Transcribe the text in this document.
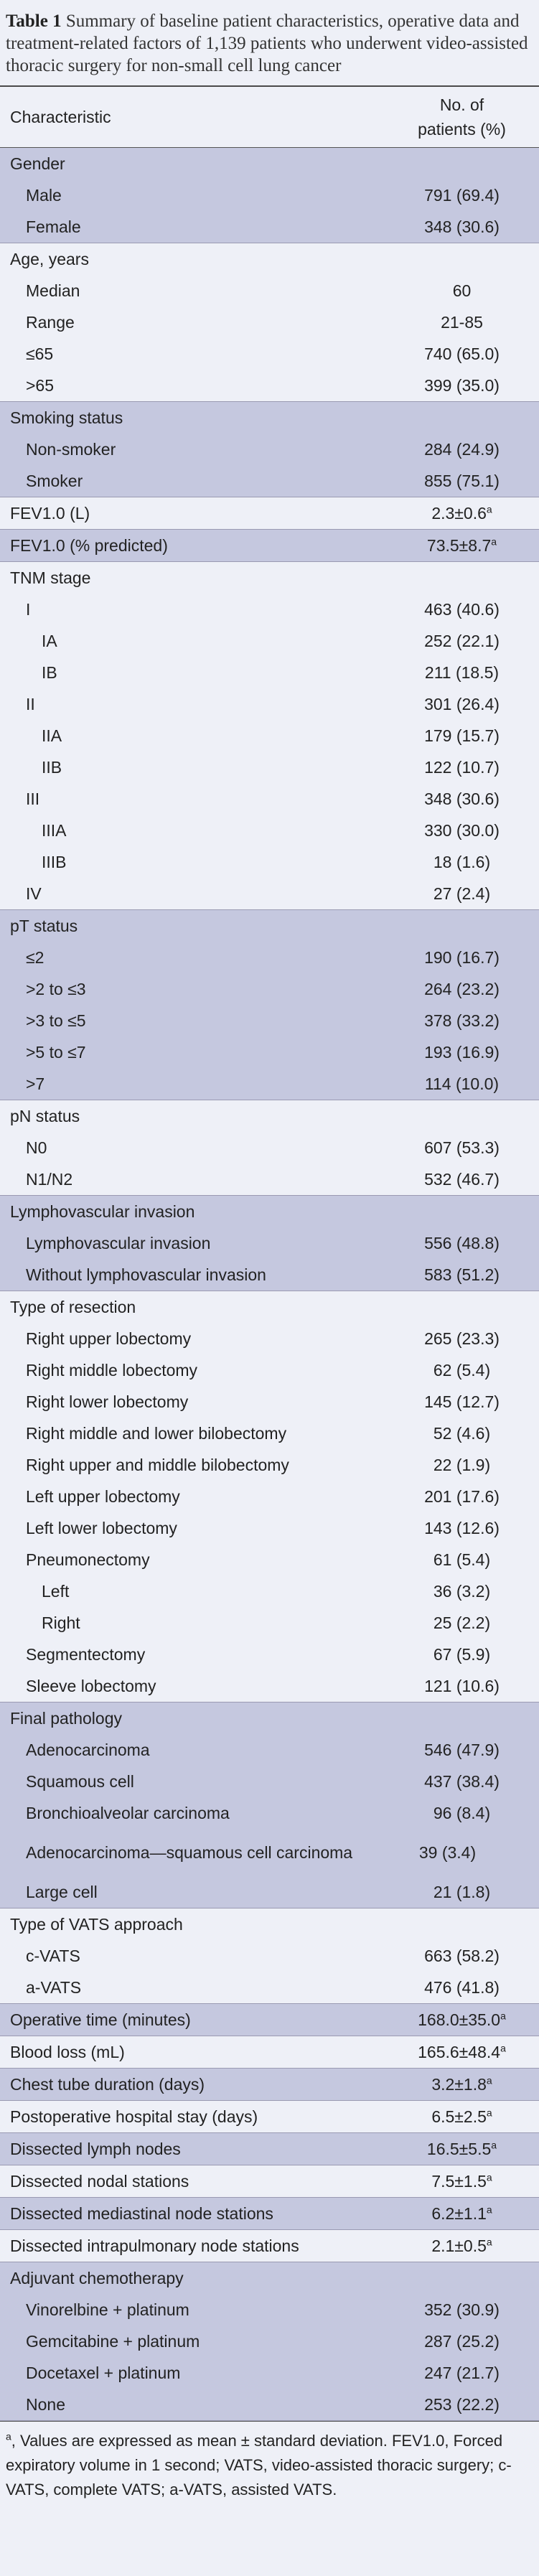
Table 1 Summary of baseline patient characteristics, operative data and treatment-related factors of 1,139 patients who underwent video-assisted thoracic surgery for non-small cell lung cancer
Characteristic
No. of
patients (%)
Gender
Male	791 (69.4)
Female	348 (30.6)
Age, years
Median	60
Range	21-85
≤65	740 (65.0)
>65	399 (35.0)
Smoking status
Non-smoker	284 (24.9)
Smoker	855 (75.1)
FEV1.0 (L)	2.3±0.6$^a$
FEV1.0 (% predicted)	73.5±8.7$^a$
TNM stage
I	463 (40.6)
IA	252 (22.1)
IB	211 (18.5)
II	301 (26.4)
IIA	179 (15.7)
IIB	122 (10.7)
III	348 (30.6)
IIIA	330 (30.0)
IIIB	18 (1.6)
IV	27 (2.4)
pT status
≤2	190 (16.7)
>2 to ≤3	264 (23.2)
>3 to ≤5	378 (33.2)
>5 to ≤7	193 (16.9)
>7	114 (10.0)
pN status
N0	607 (53.3)
N1/N2	532 (46.7)
Lymphovascular invasion
Lymphovascular invasion	556 (48.8)
Without lymphovascular invasion	583 (51.2)
Type of resection
Right upper lobectomy	265 (23.3)
Right middle lobectomy	62 (5.4)
Right lower lobectomy	145 (12.7)
Right middle and lower bilobectomy	52 (4.6)
Right upper and middle bilobectomy	22 (1.9)
Left upper lobectomy	201 (17.6)
Left lower lobectomy	143 (12.6)
Pneumonectomy	61 (5.4)
Left	36 (3.2)
Right	25 (2.2)
Segmentectomy	67 (5.9)
Sleeve lobectomy	121 (10.6)
Final pathology
Adenocarcinoma	546 (47.9)
Squamous cell	437 (38.4)
Bronchioalveolar carcinoma	96 (8.4)
Adenocarcinoma—squamous cell carcinoma	39 (3.4)
Large cell	21 (1.8)
Type of VATS approach
c-VATS	663 (58.2)
a-VATS	476 (41.8)
Operative time (minutes)	168.0±35.0$^a$
Blood loss (mL)	165.6±48.4$^a$
Chest tube duration (days)	3.2±1.8$^a$
Postoperative hospital stay (days)	6.5±2.5$^a$
Dissected lymph nodes	16.5±5.5$^a$
Dissected nodal stations	7.5±1.5$^a$
Dissected mediastinal node stations	6.2±1.1$^a$
Dissected intrapulmonary node stations	2.1±0.5$^a$
Adjuvant chemotherapy
Vinorelbine + platinum	352 (30.9)
Gemcitabine + platinum	287 (25.2)
Docetaxel + platinum	247 (21.7)
None	253 (22.2)
$^a$, Values are expressed as mean ± standard deviation. FEV1.0, Forced expiratory volume in 1 second; VATS, video-assisted thoracic surgery; c-VATS, complete VATS; a-VATS, assisted VATS.
